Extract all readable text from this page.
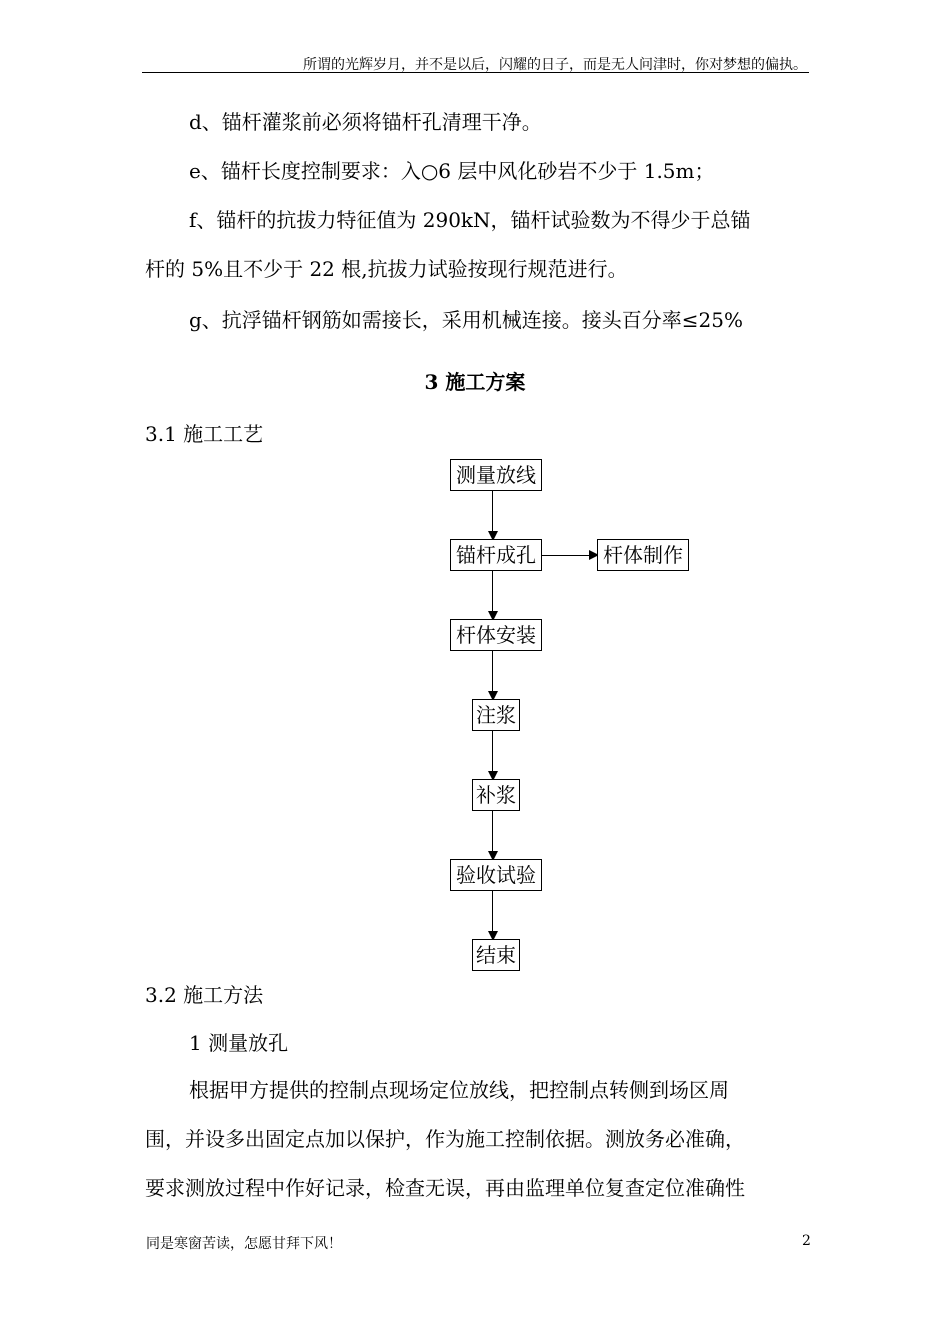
所谓的光辉岁月，并不是以后，闪耀的日子，而是无人问津时，你对梦想的偏执。
d、锚杆灌浆前必须将锚杆孔清理干净。
e、锚杆长度控制要求：入○6 层中风化砂岩不少于 1.5m；
f、锚杆的抗拔力特征值为 290kN，锚杆试验数为不得少于总锚
杆的 5%且不少于 22 根,抗拔力试验按现行规范进行。
g、抗浮锚杆钢筋如需接长，采用机械连接。接头百分率≤25%
3 施工方案
3.1 施工工艺
测量放线
锚杆成孔	杆体制作
杆体安装
注浆
补浆
验收试验
结束
3.2 施工方法
1 测量放孔
根据甲方提供的控制点现场定位放线，把控制点转侧到场区周
围，并设多出固定点加以保护，作为施工控制依据。测放务必准确，
要求测放过程中作好记录，检查无误，再由监理单位复查定位准确性
同是寒窗苦读，怎愿甘拜下风！	2
